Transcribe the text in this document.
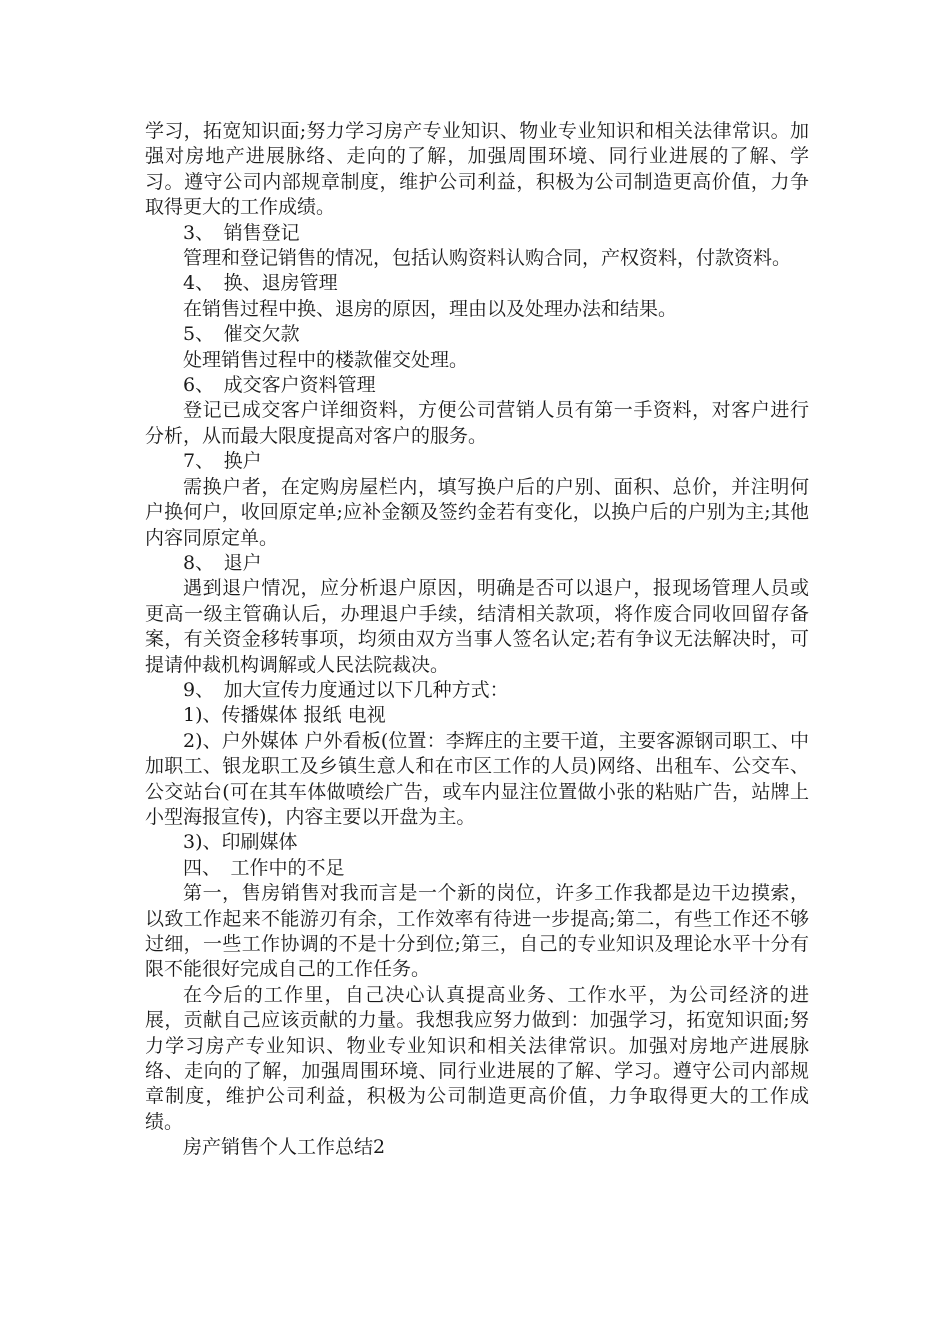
学习，拓宽知识面;努力学习房产专业知识、物业专业知识和相关法律常识。加强对房地产进展脉络、走向的了解，加强周围环境、同行业进展的了解、学习。遵守公司内部规章制度，维护公司利益，积极为公司制造更高价值，力争取得更大的工作成绩。

3、　销售登记

管理和登记销售的情况，包括认购资料认购合同，产权资料，付款资料。

4、　换、退房管理

在销售过程中换、退房的原因，理由以及处理办法和结果。

5、　催交欠款

处理销售过程中的楼款催交处理。

6、　成交客户资料管理

登记已成交客户详细资料，方便公司营销人员有第一手资料，对客户进行分析，从而最大限度提高对客户的服务。

7、　换户

需换户者，在定购房屋栏内，填写换户后的户别、面积、总价，并注明何户换何户，收回原定单;应补金额及签约金若有变化，以换户后的户别为主;其他内容同原定单。

8、　退户

遇到退户情况，应分析退户原因，明确是否可以退户，报现场管理人员或更高一级主管确认后，办理退户手续，结清相关款项，将作废合同收回留存备案，有关资金移转事项，均须由双方当事人签名认定;若有争议无法解决时，可提请仲裁机构调解或人民法院裁决。

9、　加大宣传力度通过以下几种方式：

1)、传播媒体 报纸 电视

2)、户外媒体 户外看板(位置：李辉庄的主要干道，主要客源钢司职工、中加职工、银龙职工及乡镇生意人和在市区工作的人员)网络、出租车、公交车、公交站台(可在其车体做喷绘广告，或车内显注位置做小张的粘贴广告，站牌上小型海报宣传)，内容主要以开盘为主。

3)、印刷媒体

四、　工作中的不足

第一，售房销售对我而言是一个新的岗位，许多工作我都是边干边摸索，以致工作起来不能游刃有余，工作效率有待进一步提高;第二，有些工作还不够过细，一些工作协调的不是十分到位;第三，自己的专业知识及理论水平十分有限不能很好完成自己的工作任务。

在今后的工作里，自己决心认真提高业务、工作水平，为公司经济的进展，贡献自己应该贡献的力量。我想我应努力做到：加强学习，拓宽知识面;努力学习房产专业知识、物业专业知识和相关法律常识。加强对房地产进展脉络、走向的了解，加强周围环境、同行业进展的了解、学习。遵守公司内部规章制度，维护公司利益，积极为公司制造更高价值，力争取得更大的工作成绩。

房产销售个人工作总结2
